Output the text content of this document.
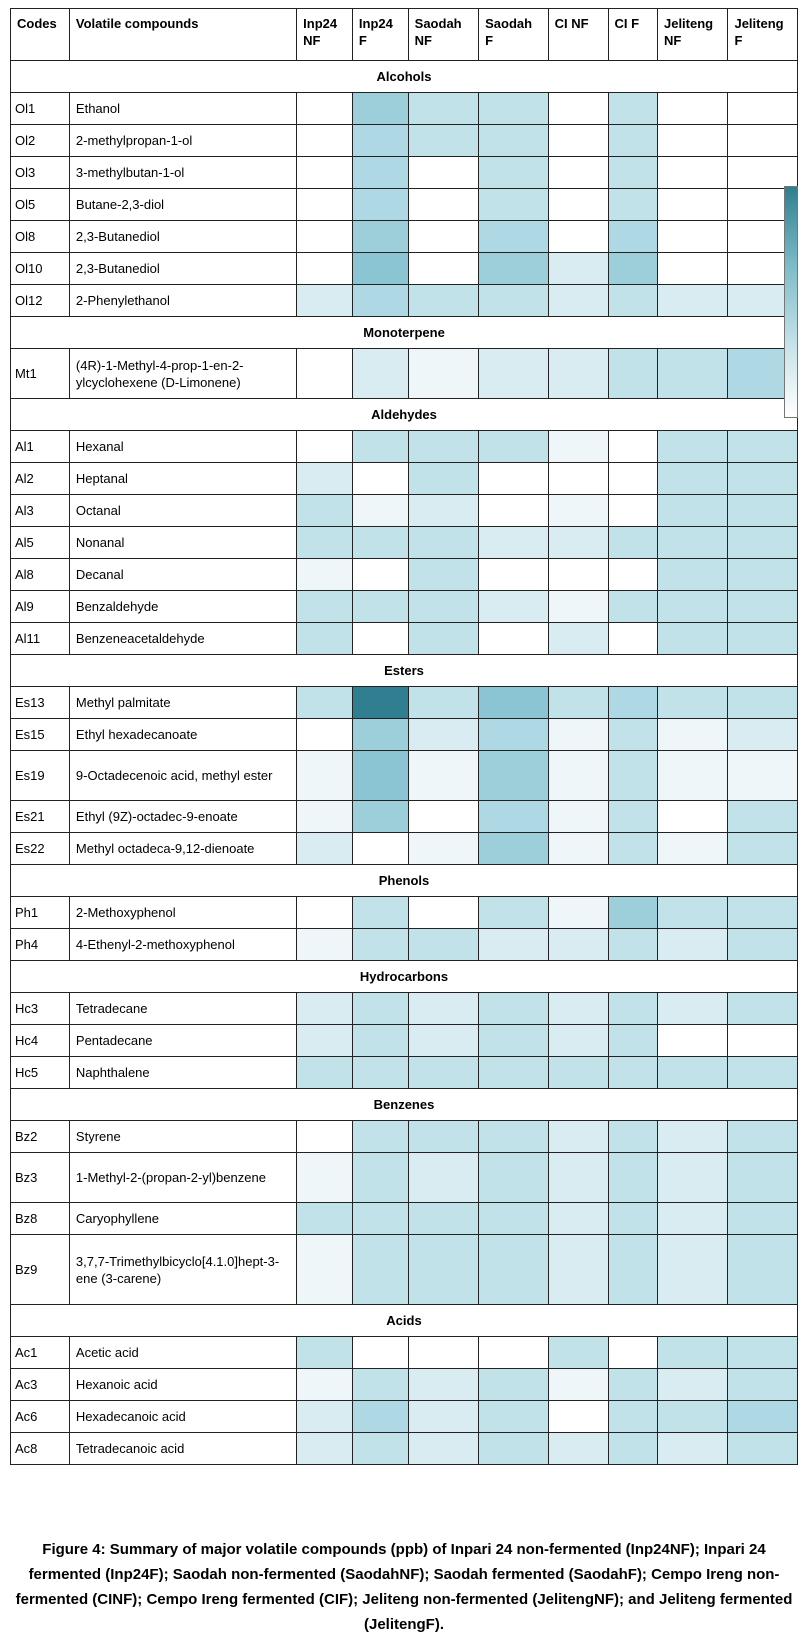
Codes	Volatile compounds	Inp24 NF	Inp24 F	Saodah NF	Saodah F	CI NF	CI F	Jeliteng NF	Jeliteng F
Alcohols									
Ol1	Ethanol								
Ol2	2-methylpropan-1-ol								
Ol3	3-methylbutan-1-ol								
Ol5	Butane-2,3-diol								
Ol8	2,3-Butanediol								
Ol10	2,3-Butanediol								
Ol12	2-Phenylethanol								
Monoterpene									
Mt1	(4R)-1-Methyl-4-prop-1-en-2-ylcyclohexene (D-Limonene)								
Aldehydes									
Al1	Hexanal								
Al2	Heptanal								
Al3	Octanal								
Al5	Nonanal								
Al8	Decanal								
Al9	Benzaldehyde								
Al11	Benzeneacetaldehyde								
Esters									
Es13	Methyl palmitate								
Es15	Ethyl hexadecanoate								
Es19	9-Octadecenoic acid, methyl ester								
Es21	Ethyl (9Z)-octadec-9-enoate								
Es22	Methyl octadeca-9,12-dienoate								
Phenols									
Ph1	2-Methoxyphenol								
Ph4	4-Ethenyl-2-methoxyphenol								
Hydrocarbons									
Hc3	Tetradecane								
Hc4	Pentadecane								
Hc5	Naphthalene								
Benzenes									
Bz2	Styrene								
Bz3	1-Methyl-2-(propan-2-yl)benzene								
Bz8	Caryophyllene								
Bz9	3,7,7-Trimethylbicyclo[4.1.0]hept-3-ene (3-carene)								
Acids									
Ac1	Acetic acid								
Ac3	Hexanoic acid								
Ac6	Hexadecanoic acid								
Ac8	Tetradecanoic acid								
Figure 4: Summary of major volatile compounds (ppb) of Inpari 24 non-fermented (Inp24NF); Inpari 24 fermented (Inp24F); Saodah non-fermented (SaodahNF); Saodah fermented (SaodahF); Cempo Ireng non-fermented (CINF); Cempo Ireng fermented (CIF); Jeliteng non-fermented (JelitengNF); and Jeliteng fermented (JelitengF).
